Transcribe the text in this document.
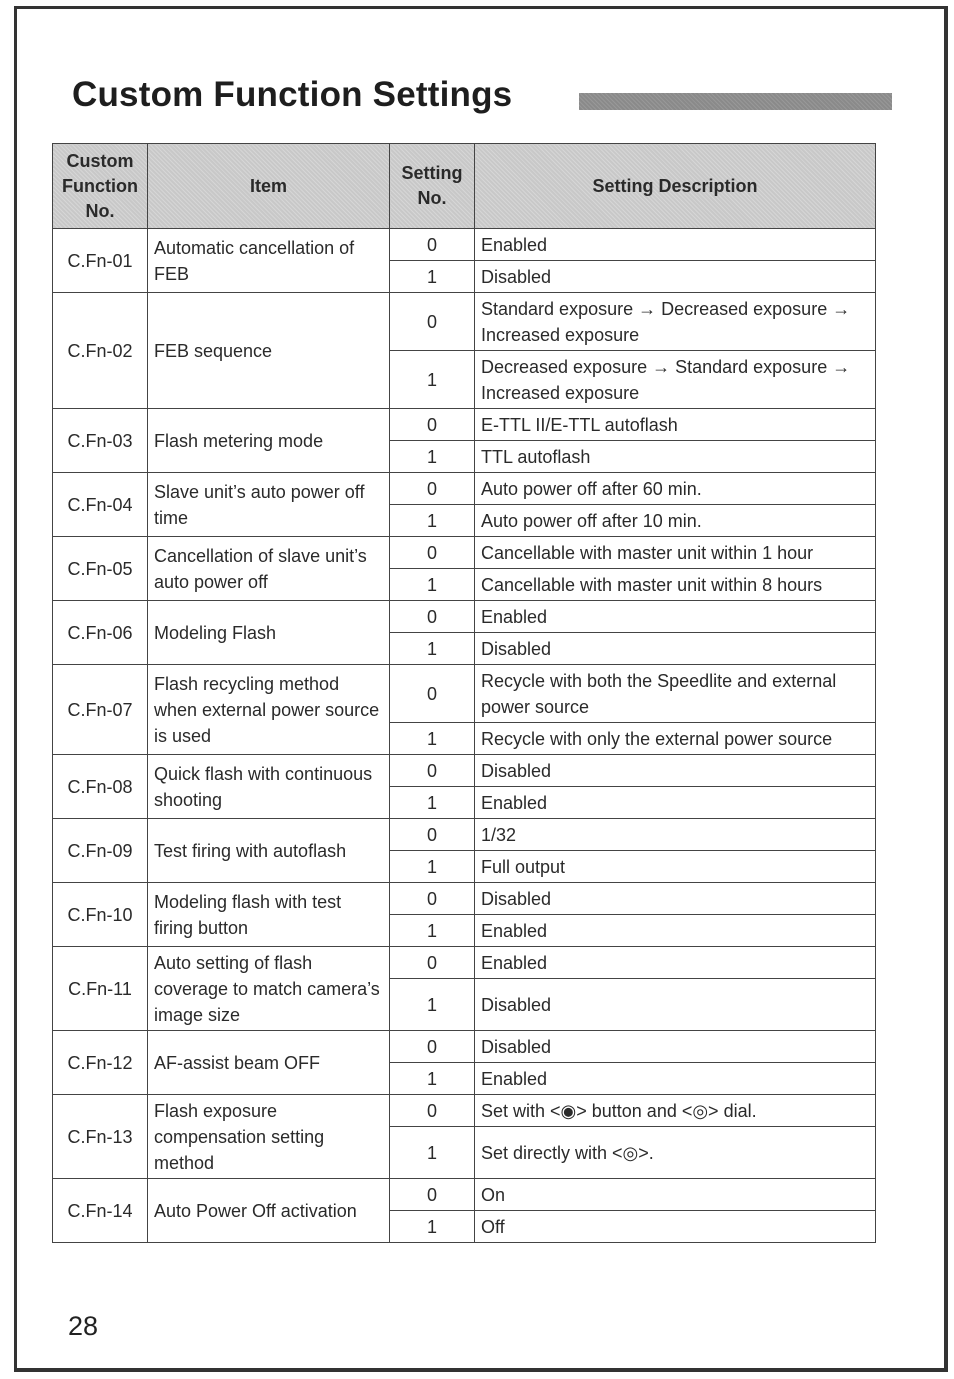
Custom Function Settings
28
Custom Function No.	Item	Setting No.	Setting Description
C.Fn-01	Automatic cancellation of FEB	0	Enabled
		1	Disabled
C.Fn-02	FEB sequence	0	Standard exposure → Decreased exposure → Increased exposure
		1	Decreased exposure → Standard exposure → Increased exposure
C.Fn-03	Flash metering mode	0	E-TTL II/E-TTL autoflash
		1	TTL autoflash
C.Fn-04	Slave unit’s auto power off time	0	Auto power off after 60 min.
		1	Auto power off after 10 min.
C.Fn-05	Cancellation of slave unit’s auto power off	0	Cancellable with master unit within 1 hour
		1	Cancellable with master unit within 8 hours
C.Fn-06	Modeling Flash	0	Enabled
		1	Disabled
C.Fn-07	Flash recycling method when external power source is used	0	Recycle with both the Speedlite and external power source
		1	Recycle with only the external power source
C.Fn-08	Quick flash with continuous shooting	0	Disabled
		1	Enabled
C.Fn-09	Test firing with autoflash	0	1/32
		1	Full output
C.Fn-10	Modeling flash with test firing button	0	Disabled
		1	Enabled
C.Fn-11	Auto setting of flash coverage to match camera’s image size	0	Enabled
		1	Disabled
C.Fn-12	AF-assist beam OFF	0	Disabled
		1	Enabled
C.Fn-13	Flash exposure compensation setting method	0	Set with <◉> button and <◎> dial.
		1	Set directly with <◎>.
C.Fn-14	Auto Power Off activation	0	On
		1	Off
